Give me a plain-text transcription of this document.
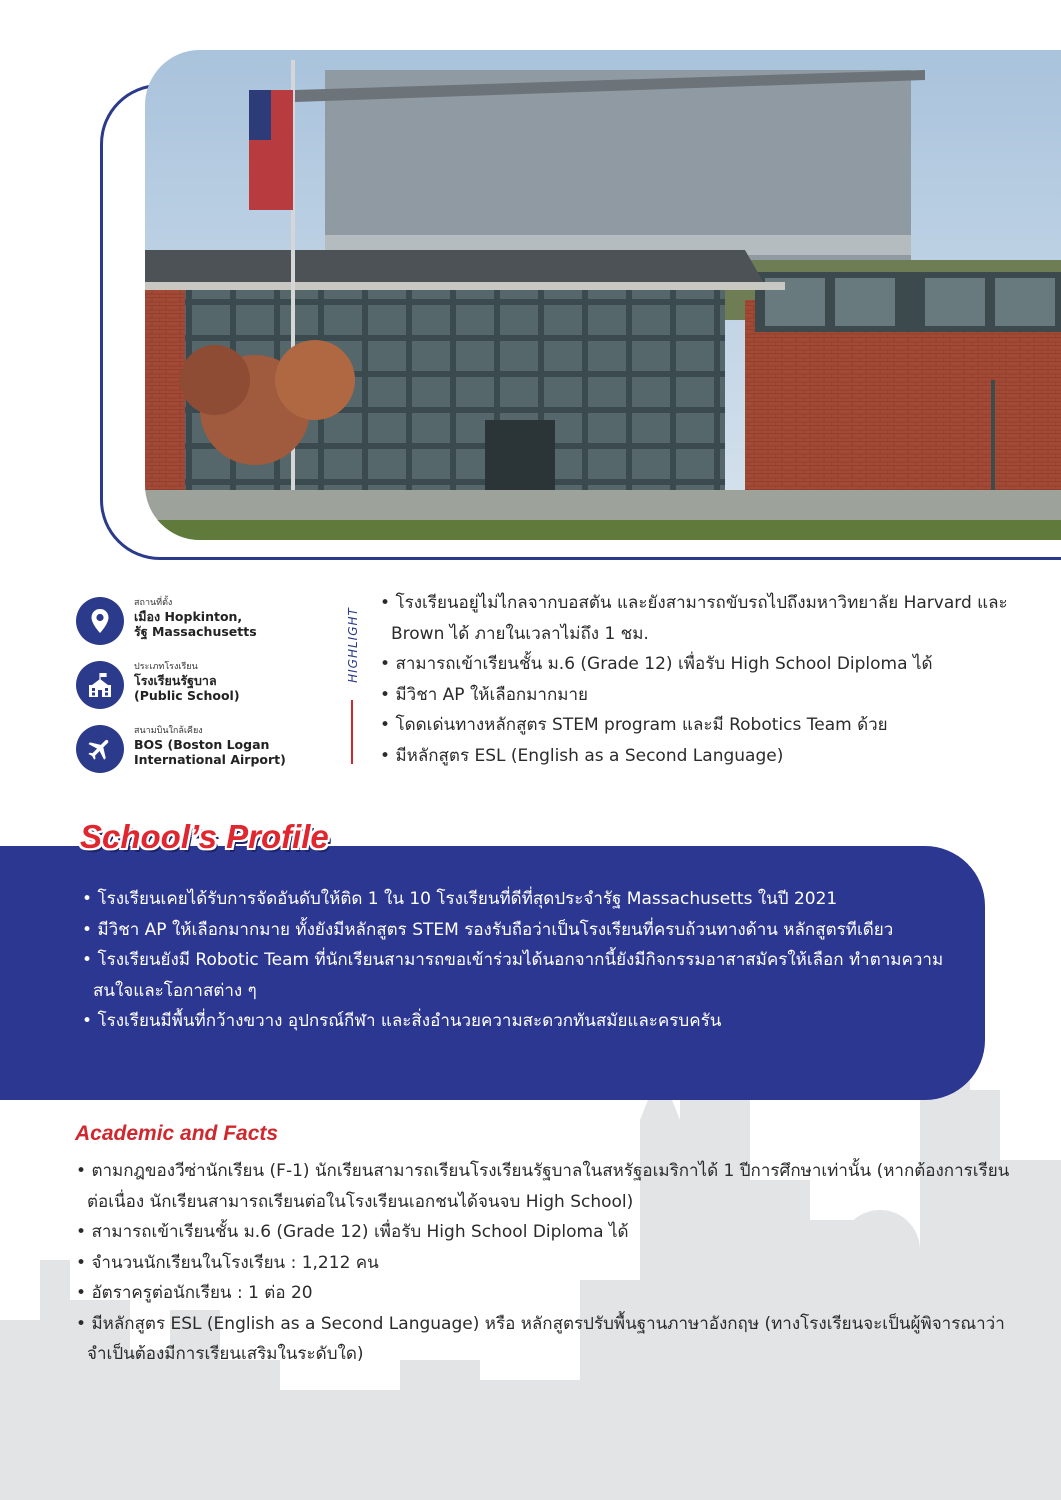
สถานที่ตั้ง
เมือง Hopkinton,
รัฐ Massachusetts
ประเภทโรงเรียน
โรงเรียนรัฐบาล
(Public School)
สนามบินใกล้เคียง
BOS (Boston Logan
International Airport)
HIGHLIGHT
• โรงเรียนอยู่ไม่ไกลจากบอสตัน และยังสามารถขับรถไปถึงมหาวิทยาลัย Harvard และ Brown ได้ ภายในเวลาไม่ถึง 1 ชม.
• สามารถเข้าเรียนชั้น ม.6 (Grade 12) เพื่อรับ High School Diploma ได้
• มีวิชา AP ให้เลือกมากมาย
• โดดเด่นทางหลักสูตร STEM program และมี Robotics Team ด้วย
• มีหลักสูตร ESL (English as a Second Language)
School’s Profile
• โรงเรียนเคยได้รับการจัดอันดับให้ติด 1 ใน 10 โรงเรียนที่ดีที่สุดประจำรัฐ Massachusetts ในปี 2021
• มีวิชา AP ให้เลือกมากมาย ทั้งยังมีหลักสูตร STEM รองรับถือว่าเป็นโรงเรียนที่ครบถ้วนทางด้าน หลักสูตรทีเดียว
• โรงเรียนยังมี Robotic Team ที่นักเรียนสามารถขอเข้าร่วมได้นอกจากนี้ยังมีกิจกรรมอาสาสมัครให้เลือก ทำตามความสนใจและโอกาสต่าง ๆ
• โรงเรียนมีพื้นที่กว้างขวาง อุปกรณ์กีฬา และสิ่งอำนวยความสะดวกทันสมัยและครบครัน
Academic and Facts
• ตามกฎของวีซ่านักเรียน (F-1) นักเรียนสามารถเรียนโรงเรียนรัฐบาลในสหรัฐอเมริกาได้ 1 ปีการศึกษาเท่านั้น (หากต้องการเรียนต่อเนื่อง นักเรียนสามารถเรียนต่อในโรงเรียนเอกชนได้จนจบ High School)
• สามารถเข้าเรียนชั้น ม.6 (Grade 12) เพื่อรับ High School Diploma ได้
• จำนวนนักเรียนในโรงเรียน : 1,212 คน
• อัตราครูต่อนักเรียน : 1 ต่อ 20
• มีหลักสูตร ESL (English as a Second Language) หรือ หลักสูตรปรับพื้นฐานภาษาอังกฤษ (ทางโรงเรียนจะเป็นผู้พิจารณาว่าจำเป็นต้องมีการเรียนเสริมในระดับใด)
